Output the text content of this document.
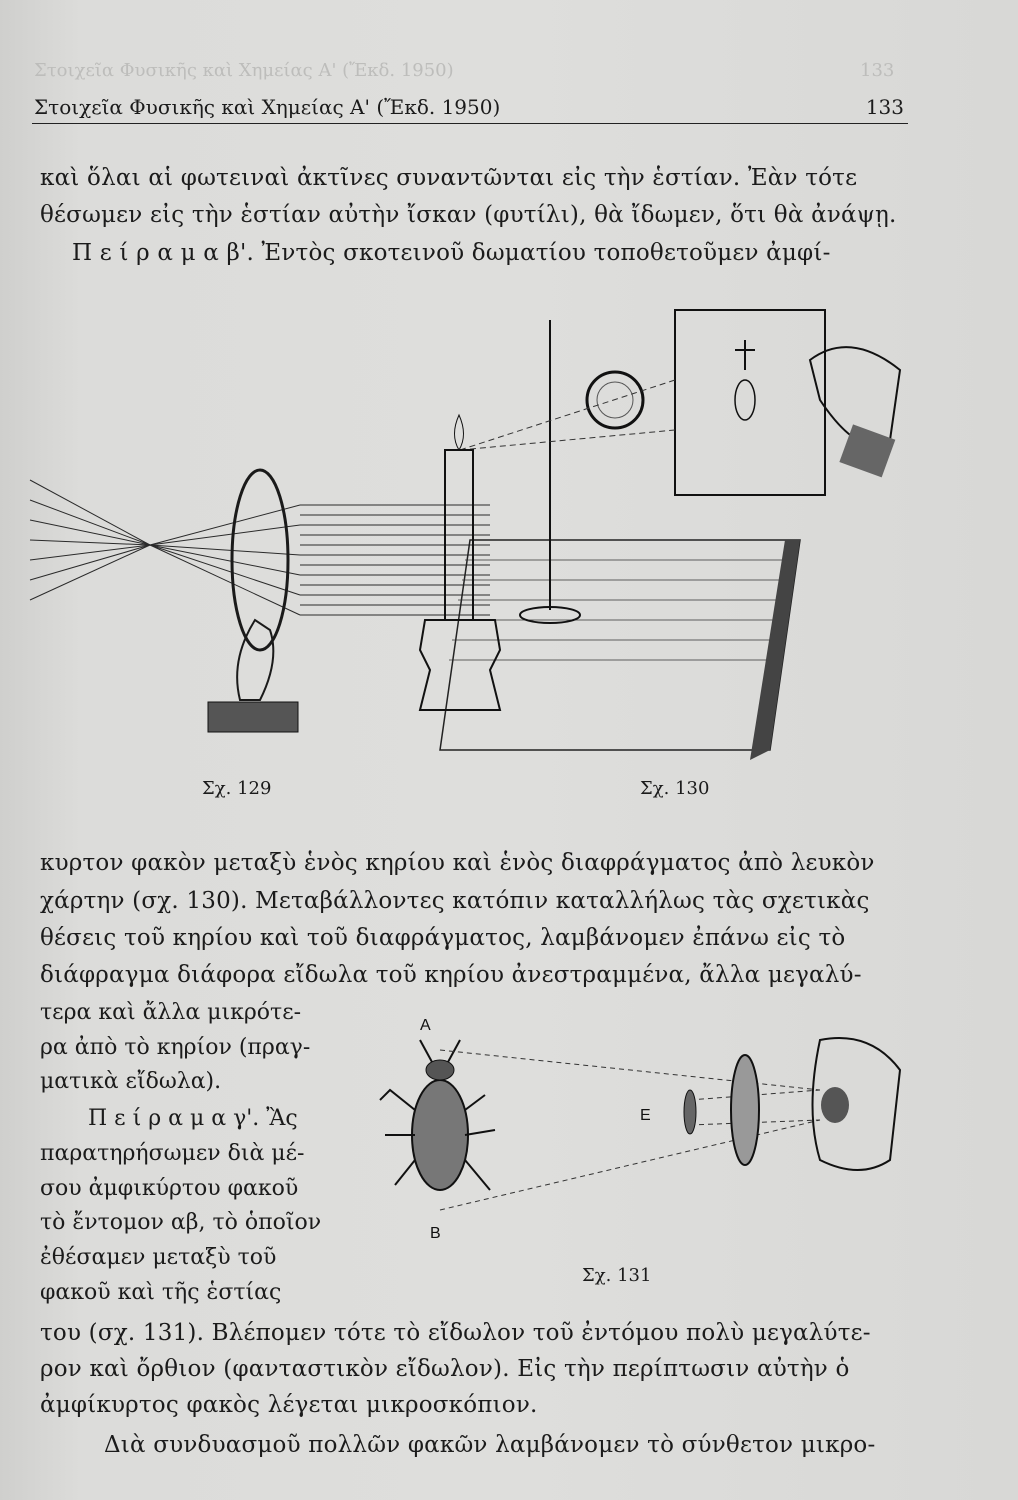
Στοιχεῖα Φυσικῆς καὶ Χημείας Α' (Ἔκδ. 1950)	133
Στοιχεῖα Φυσικῆς καὶ Χημείας Α' (Ἔκδ. 1950)	133
καὶ ὅλαι αἱ φωτειναὶ ἀκτῖνες συναντῶνται εἰς τὴν ἑστίαν. Ἐὰν τότε
θέσωμεν εἰς τὴν ἑστίαν αὐτὴν ἴσκαν (φυτίλι), θὰ ἴδωμεν, ὅτι θὰ ἀνάψῃ.
Π ε ί ρ α μ α β'. Ἐντὸς σκοτεινοῦ δωματίου τοποθετοῦμεν ἀμφί-
Σχ. 129	Σχ. 130
κυρτον φακὸν μεταξὺ ἑνὸς κηρίου καὶ ἑνὸς διαφράγματος ἀπὸ λευκὸν
χάρτην (σχ. 130). Μεταβάλλοντες κατόπιν καταλλήλως τὰς σχετικὰς
θέσεις τοῦ κηρίου καὶ τοῦ διαφράγματος, λαμβάνομεν ἐπάνω εἰς τὸ
διάφραγμα διάφορα εἴδωλα τοῦ κηρίου ἀνεστραμμένα, ἄλλα μεγαλύ-
τερα καὶ ἄλλα μικρότε-
ρα ἀπὸ τὸ κηρίον (πραγ-
ματικὰ εἴδωλα).
Π ε ί ρ α μ α γ'. Ἂς
παρατηρήσωμεν διὰ μέ-
σου ἀμφικύρτου φακοῦ
τὸ ἔντομον αβ, τὸ ὁποῖον
ἐθέσαμεν μεταξὺ τοῦ
φακοῦ καὶ τῆς ἑστίας
A
B
E
Σχ. 131
του (σχ. 131). Βλέπομεν τότε τὸ εἴδωλον τοῦ ἐντόμου πολὺ μεγαλύτε-
ρον καὶ ὄρθιον (φανταστικὸν εἴδωλον). Εἰς τὴν περίπτωσιν αὐτὴν ὁ
ἀμφίκυρτος φακὸς λέγεται μικροσκόπιον.
Διὰ συνδυασμοῦ πολλῶν φακῶν λαμβάνομεν τὸ σύνθετον μικρο-
